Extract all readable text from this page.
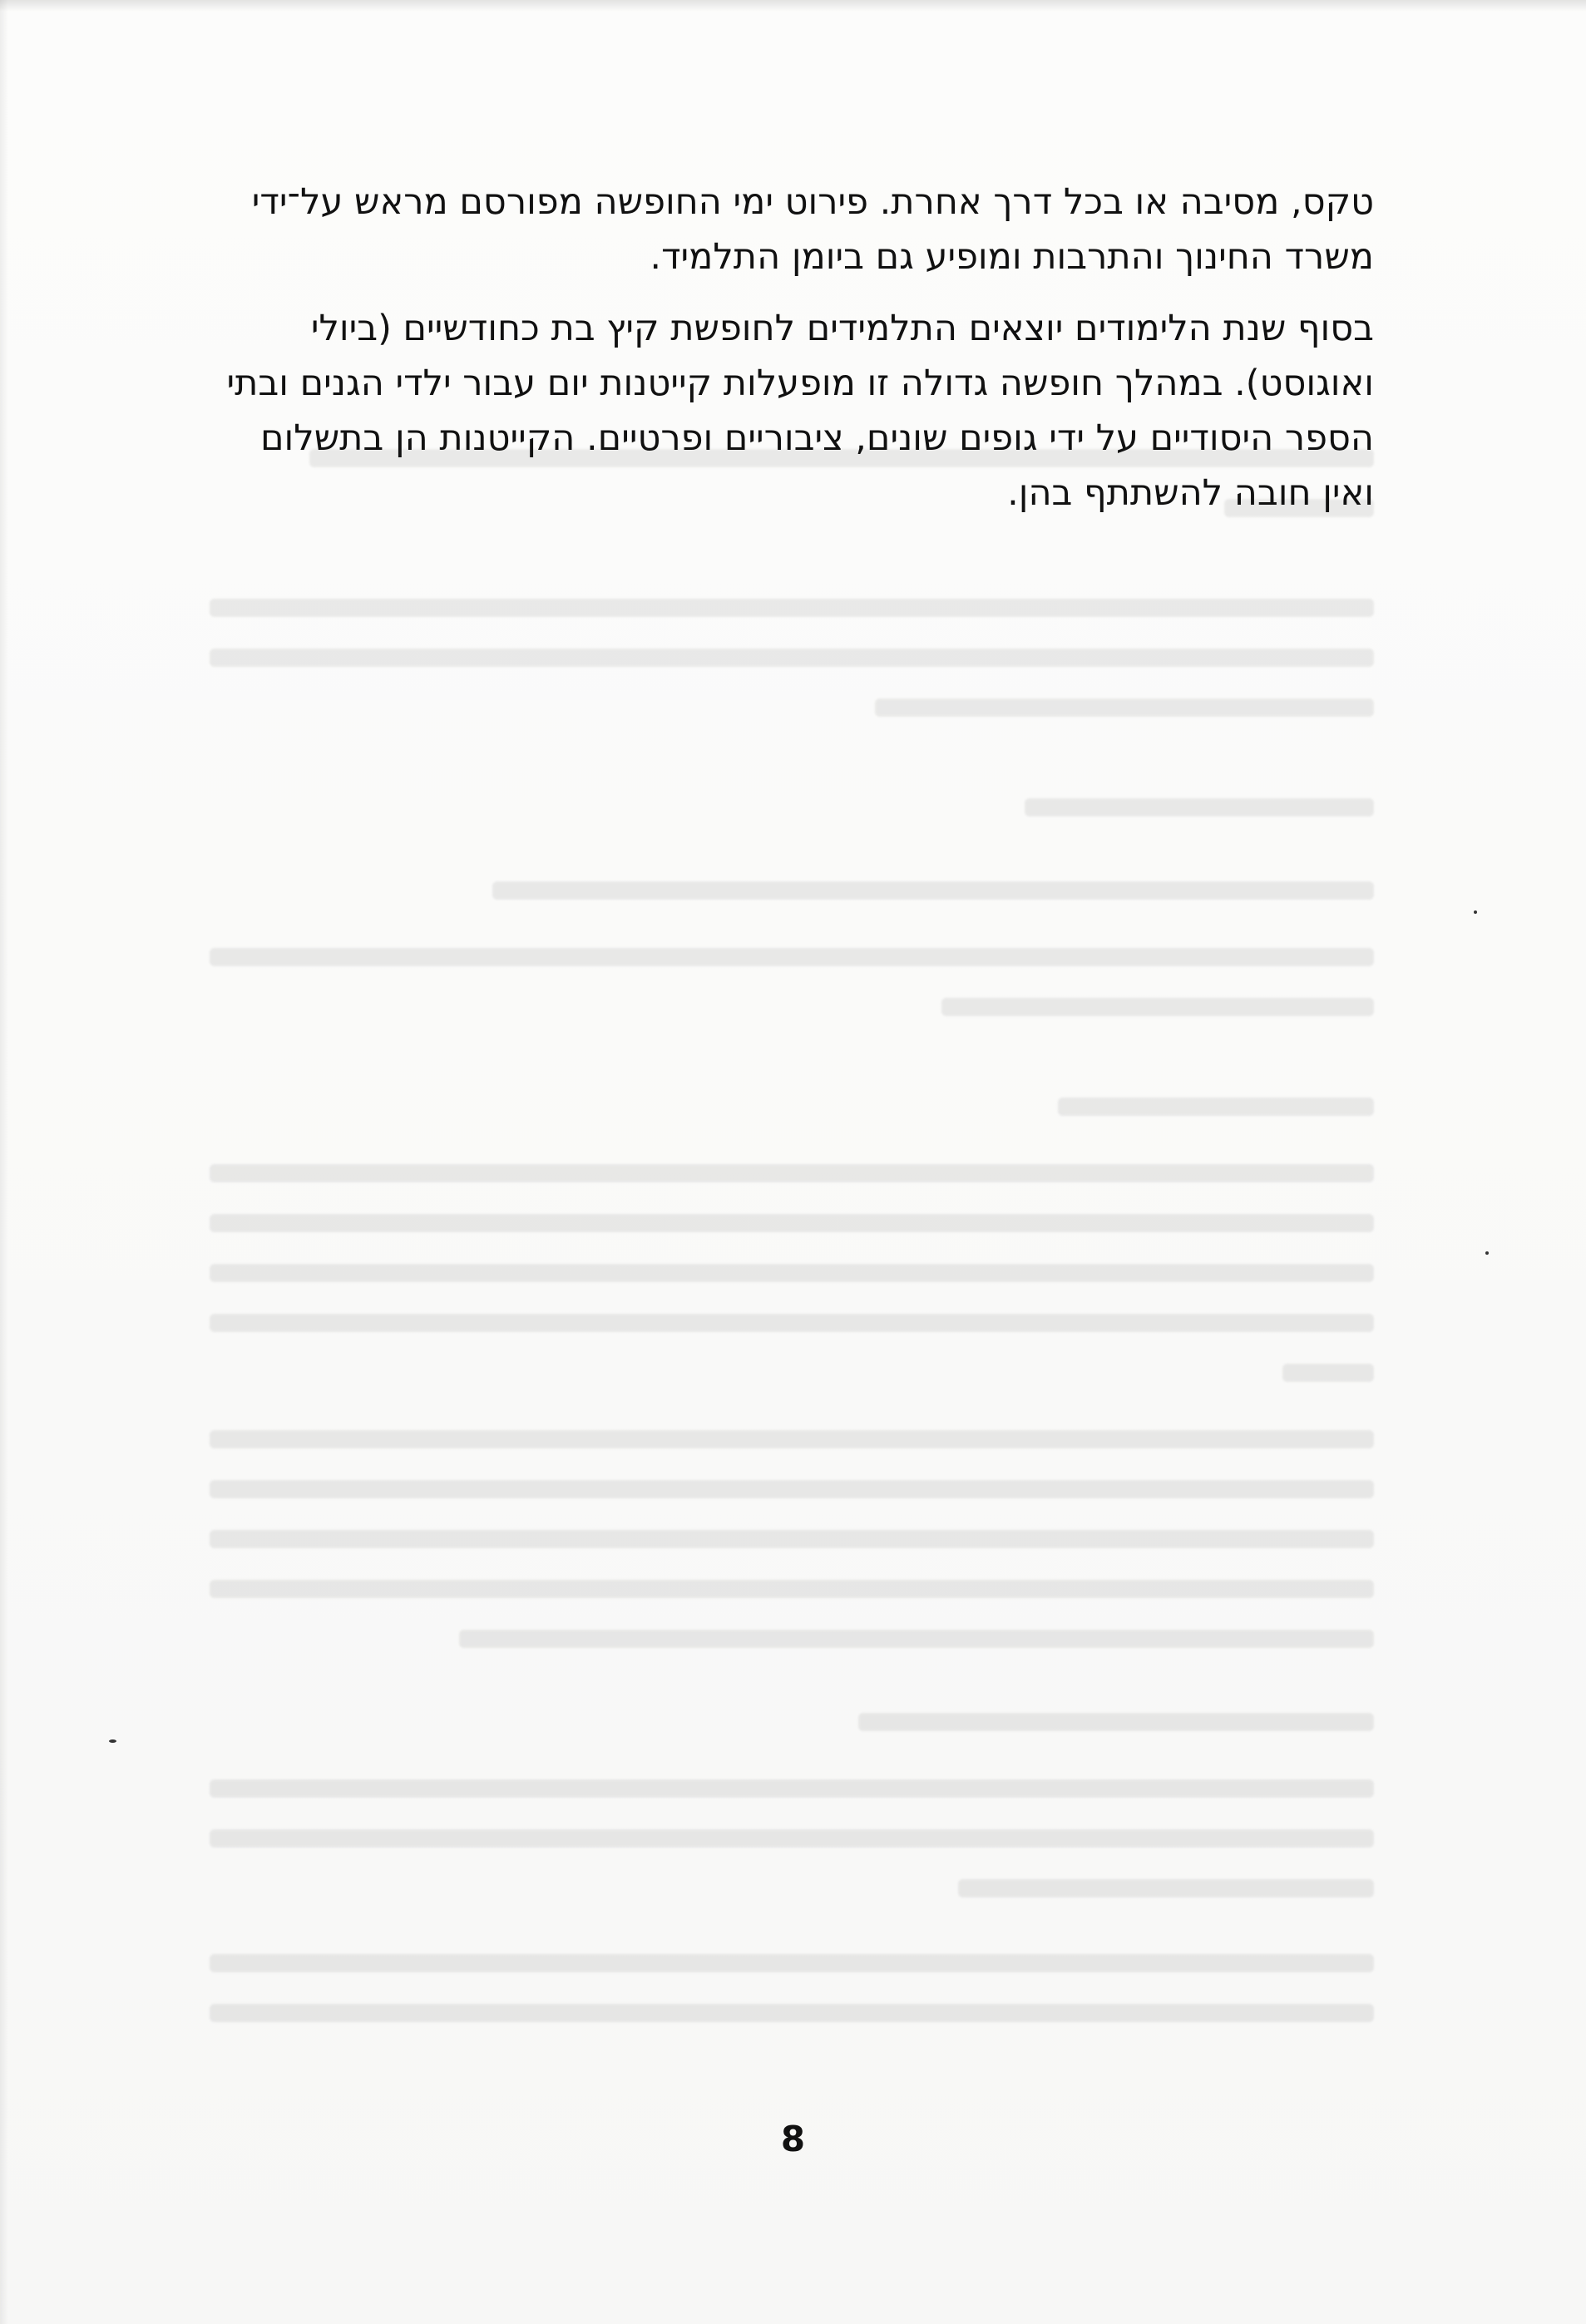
טקס, מסיבה או בכל דרך אחרת. פירוט ימי החופשה מפורסם מראש על־ידי
משרד החינוך והתרבות ומופיע גם ביומן התלמיד.

בסוף שנת הלימודים יוצאים התלמידים לחופשת קיץ בת כחודשיים (ביולי
ואוגוסט). במהלך חופשה גדולה זו מופעלות קייטנות יום עבור ילדי הגנים ובתי
הספר היסודיים על ידי גופים שונים, ציבוריים ופרטיים. הקייטנות הן בתשלום
ואין חובה להשתתף בהן.

8
